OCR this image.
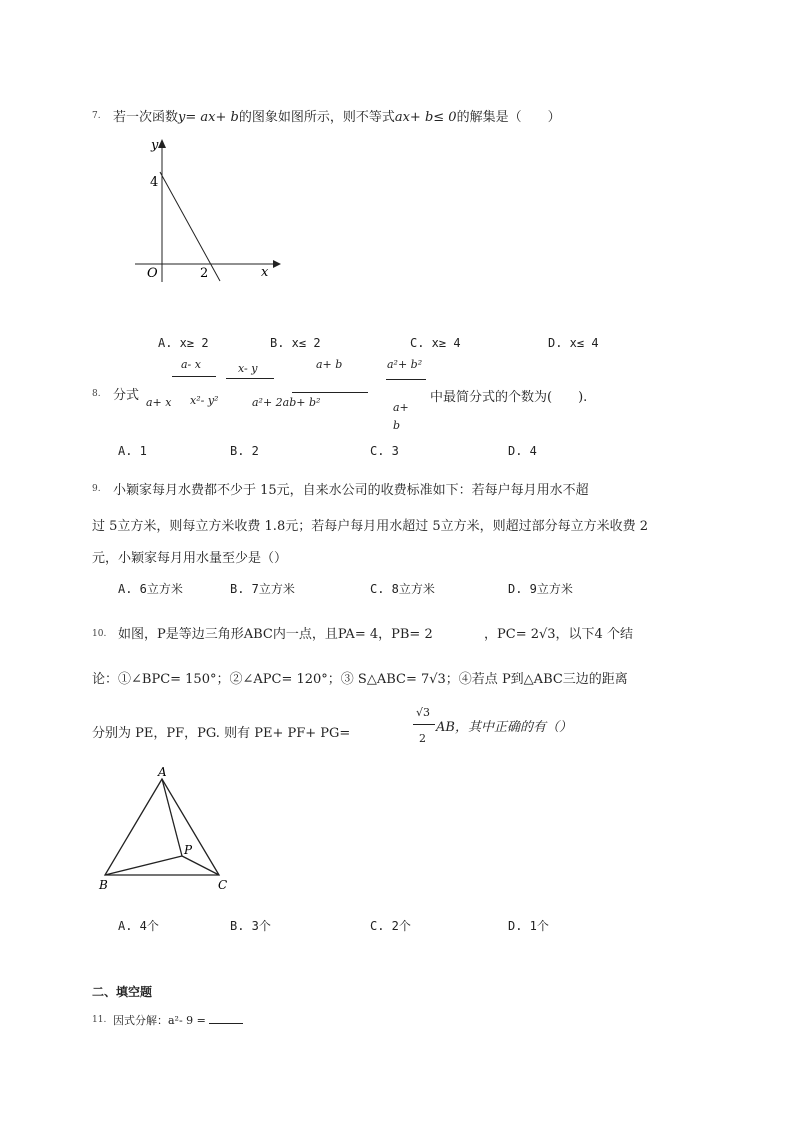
7. 若一次函数y= ax+ b的图象如图所示，则不等式ax+ b≤ 0的解集是（　　）
y
x
O
4
2
A. x≥ 2	B. x≤ 2	C. x≥ 4	D. x≤ 4
8. 分式
a- x
a+ x
x- y
x²- y²
a+ b
a²+ 2ab+ b²
a²+ b²
a+ b
中最简分式的个数为(　　).
A. 1	B. 2	C. 3	D. 4
9. 小颖家每月水费都不少于 15元，自来水公司的收费标准如下：若每户每月用水不超
过 5立方米，则每立方米收费 1.8元；若每户每月用水超过 5立方米，则超过部分每立方米收费 2
元，小颖家每月用水量至少是（）
A. 6立方米	B. 7立方米	C. 8立方米	D. 9立方米
10. 如图，P是等边三角形ABC内一点，且PA= 4，PB= 2	，PC= 2√3，以下4 个结
论：①∠BPC= 150°；②∠APC= 120°；③ S△ABC= 7√3；④若点 P到△ABC三边的距离
分别为 PE，PF，PG. 则有 PE+ PF+ PG=
√3
2
AB，其中正确的有（）
A
B	C
P
A. 4个	B. 3个	C. 2个	D. 1个
二、填空题
11. 因式分解：a²- 9 =
